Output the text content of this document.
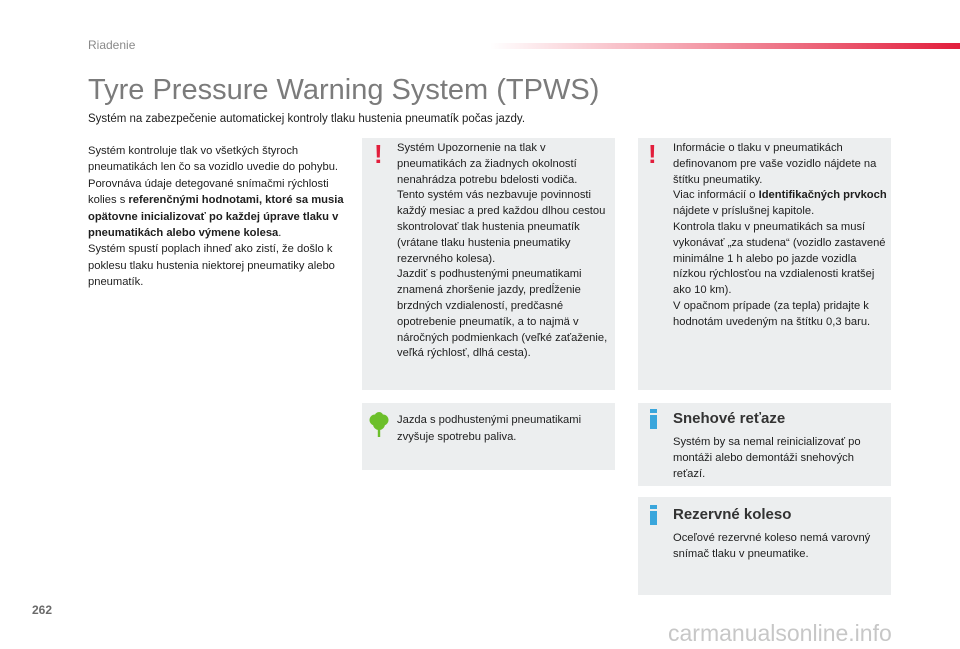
Riadenie
Tyre Pressure Warning System (TPWS)
Systém na zabezpečenie automatickej kontroly tlaku hustenia pneumatík počas jazdy.
Systém kontroluje tlak vo všetkých štyroch pneumatikách len čo sa vozidlo uvedie do pohybu.
Porovnáva údaje detegované snímačmi rýchlosti kolies s referenčnými hodnotami, ktoré sa musia opätovne inicializovať po každej úprave tlaku v pneumatikách alebo výmene kolesa.
Systém spustí poplach ihneď ako zistí, že došlo k poklesu tlaku hustenia niektorej pneumatiky alebo pneumatík.
! Systém Upozornenie na tlak v pneumatikách za žiadnych okolností nenahrádza potrebu bdelosti vodiča.
Tento systém vás nezbavuje povinnosti každý mesiac a pred každou dlhou cestou skontrolovať tlak hustenia pneumatík (vrátane tlaku hustenia pneumatiky rezervného kolesa).
Jazdiť s podhustenými pneumatikami znamená zhoršenie jazdy, predĺženie brzdných vzdialeností, predčasné opotrebenie pneumatík, a to najmä v náročných podmienkach (veľké zaťaženie, veľká rýchlosť, dlhá cesta).
! Informácie o tlaku v pneumatikách definovanom pre vaše vozidlo nájdete na štítku pneumatiky.
Viac informácií o Identifikačných prvkoch nájdete v príslušnej kapitole.
Kontrola tlaku v pneumatikách sa musí vykonávať „za studena“ (vozidlo zastavené minimálne 1 h alebo po jazde vozidla nízkou rýchlosťou na vzdialenosti kratšej ako 10 km).
V opačnom prípade (za tepla) pridajte k hodnotám uvedeným na štítku 0,3 baru.
Jazda s podhustenými pneumatikami zvyšuje spotrebu paliva.
Snehové reťaze
Systém by sa nemal reinicializovať po montáži alebo demontáži snehových reťazí.
Rezervné koleso
Oceľové rezervné koleso nemá varovný snímač tlaku v pneumatike.
262
carmanualsonline.info
